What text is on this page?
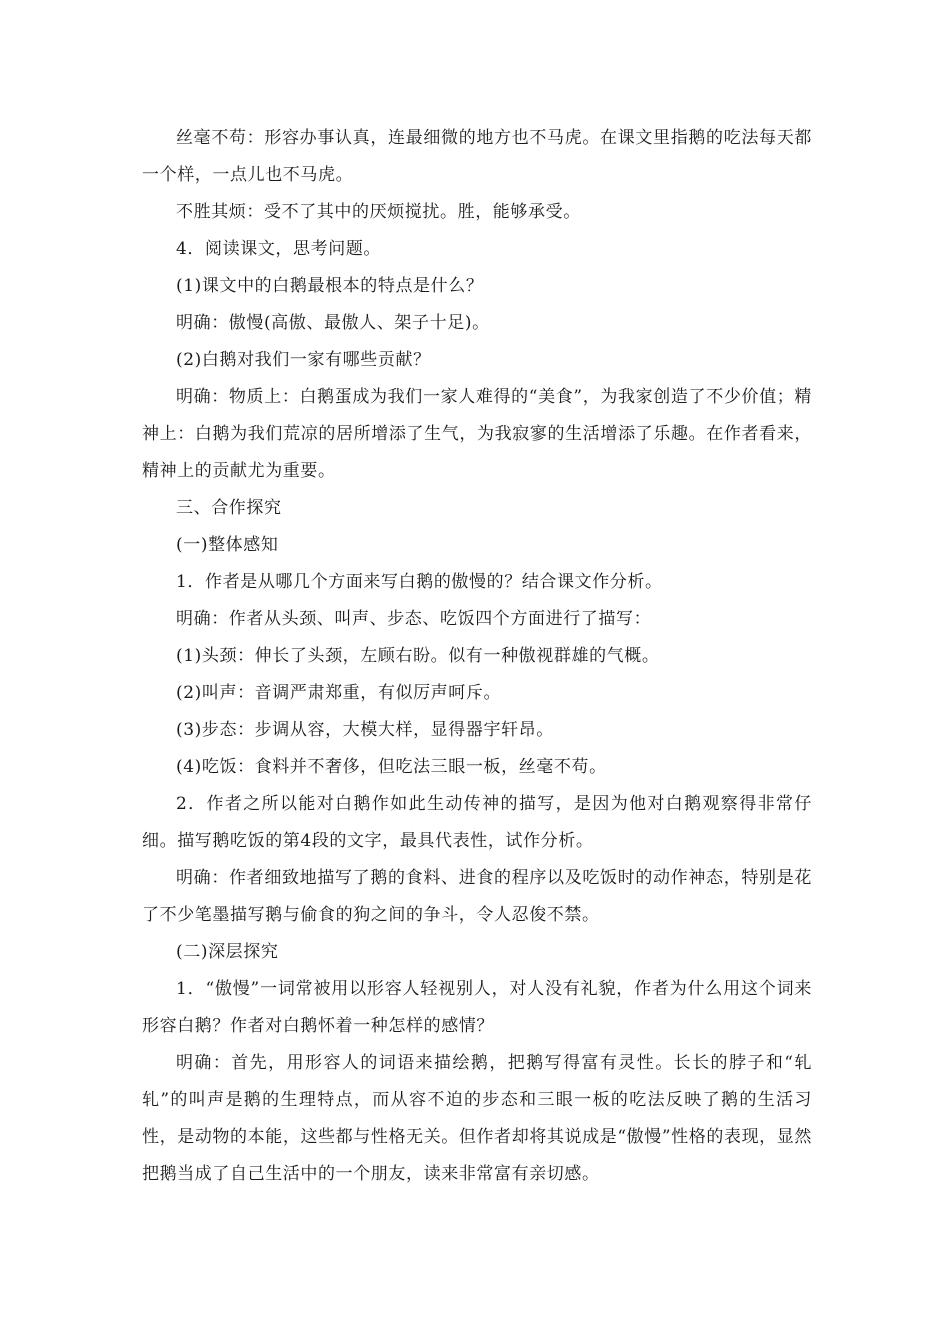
丝毫不苟：形容办事认真，连最细微的地方也不马虎。在课文里指鹅的吃法每天都一个样，一点儿也不马虎。

不胜其烦：受不了其中的厌烦搅扰。胜，能够承受。

4．阅读课文，思考问题。

(1)课文中的白鹅最根本的特点是什么？

明确：傲慢(高傲、最傲人、架子十足)。

(2)白鹅对我们一家有哪些贡献？

明确：物质上：白鹅蛋成为我们一家人难得的“美食”，为我家创造了不少价值；精神上：白鹅为我们荒凉的居所增添了生气，为我寂寥的生活增添了乐趣。在作者看来，精神上的贡献尤为重要。

三、合作探究

(一)整体感知

1．作者是从哪几个方面来写白鹅的傲慢的？结合课文作分析。

明确：作者从头颈、叫声、步态、吃饭四个方面进行了描写：

(1)头颈：伸长了头颈，左顾右盼。似有一种傲视群雄的气概。

(2)叫声：音调严肃郑重，有似厉声呵斥。

(3)步态：步调从容，大模大样，显得器宇轩昂。

(4)吃饭：食料并不奢侈，但吃法三眼一板，丝毫不苟。

2．作者之所以能对白鹅作如此生动传神的描写，是因为他对白鹅观察得非常仔细。描写鹅吃饭的第4段的文字，最具代表性，试作分析。

明确：作者细致地描写了鹅的食料、进食的程序以及吃饭时的动作神态，特别是花了不少笔墨描写鹅与偷食的狗之间的争斗，令人忍俊不禁。

(二)深层探究

1．“傲慢”一词常被用以形容人轻视别人，对人没有礼貌，作者为什么用这个词来形容白鹅？作者对白鹅怀着一种怎样的感情？

明确：首先，用形容人的词语来描绘鹅，把鹅写得富有灵性。长长的脖子和“轧轧”的叫声是鹅的生理特点，而从容不迫的步态和三眼一板的吃法反映了鹅的生活习性，是动物的本能，这些都与性格无关。但作者却将其说成是“傲慢”性格的表现，显然把鹅当成了自己生活中的一个朋友，读来非常富有亲切感。
